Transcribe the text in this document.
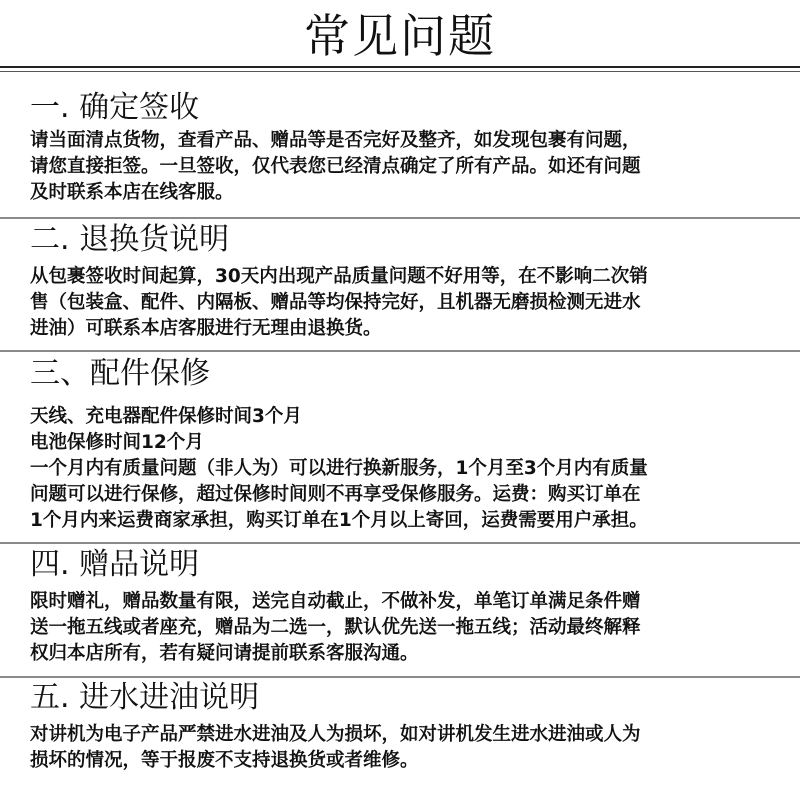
常见问题
一. 确定签收

请当面清点货物，查看产品、赠品等是否完好及整齐，如发现包裹有问题，
请您直接拒签。一旦签收，仅代表您已经清点确定了所有产品。如还有问题
及时联系本店在线客服。

二. 退换货说明

从包裹签收时间起算，30天内出现产品质量问题不好用等，在不影响二次销
售（包装盒、配件、内隔板、赠品等均保持完好，且机器无磨损检测无进水
进油）可联系本店客服进行无理由退换货。

三、配件保修

天线、充电器配件保修时间3个月
电池保修时间12个月
一个月内有质量问题（非人为）可以进行换新服务，1个月至3个月内有质量
问题可以进行保修，超过保修时间则不再享受保修服务。运费：购买订单在
1个月内来运费商家承担，购买订单在1个月以上寄回，运费需要用户承担。

四. 赠品说明

限时赠礼，赠品数量有限，送完自动截止，不做补发，单笔订单满足条件赠
送一拖五线或者座充，赠品为二选一，默认优先送一拖五线；活动最终解释
权归本店所有，若有疑问请提前联系客服沟通。

五. 进水进油说明

对讲机为电子产品严禁进水进油及人为损坏，如对讲机发生进水进油或人为
损坏的情况，等于报废不支持退换货或者维修。
